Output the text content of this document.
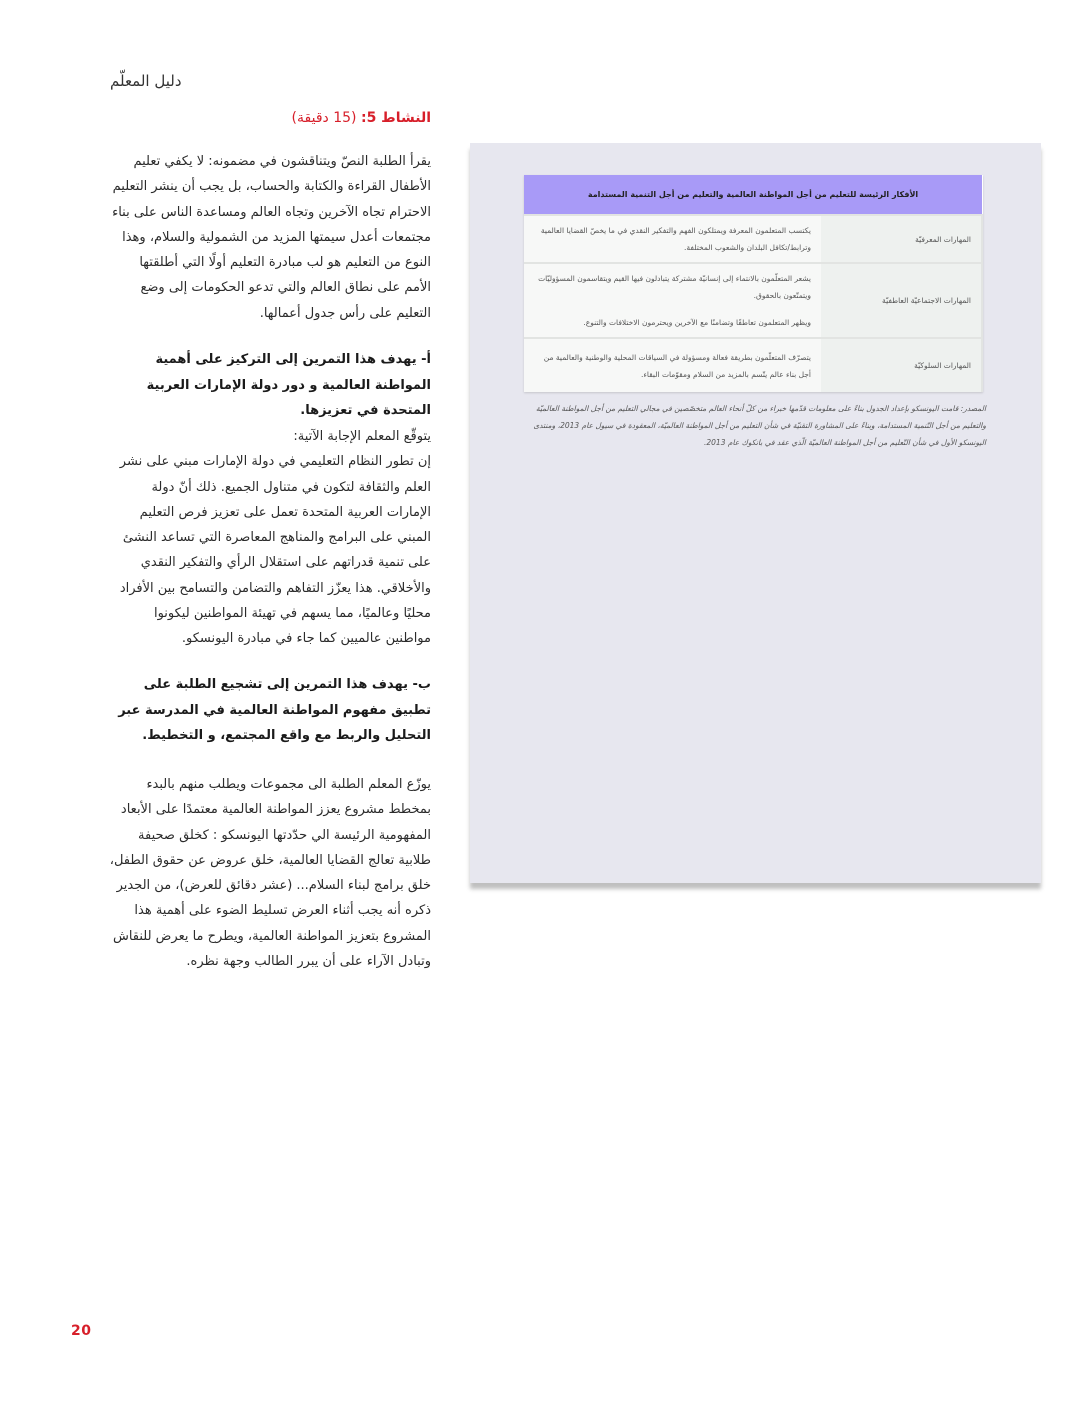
دليل المعلّم
النشاط 5: (15 دقيقة)

يقرأ الطلبة النصّ ويتناقشون في مضمونه: لا يكفي تعليم الأطفال القراءة والكتابة والحساب، بل يجب أن ينشر التعليم الاحترام تجاه الآخرين وتجاه العالم ومساعدة الناس على بناء مجتمعات أعدل سيمتها المزيد من الشمولية والسلام، وهذا النوع من التعليم هو لب مبادرة التعليم أولًا التي أطلقتها الأمم على نطاق العالم والتي تدعو الحكومات إلى وضع التعليم على رأس جدول أعمالها.

أ- يهدف هذا التمرين إلى التركيز على أهمية المواطنة العالمية و دور دولة الإمارات العربية المتحدة في تعزيزها.

يتوقّع المعلم الإجابة الآتية:

إن تطور النظام التعليمي في دولة الإمارات مبني على نشر العلم والثقافة لتكون في متناول الجميع. ذلك أنّ دولة الإمارات العربية المتحدة تعمل على تعزيز فرص التعليم المبني على البرامج والمناهج المعاصرة التي تساعد النشئ على تنمية قدراتهم على استقلال الرأي والتفكير النقدي والأخلاقي. هذا يعزّز التفاهم والتضامن والتسامح بين الأفراد محليًا وعالميًا، مما يسهم في تهيئة المواطنين ليكونوا مواطنين عالميين كما جاء في مبادرة اليونسكو.

ب- يهدف هذا التمرين إلى تشجيع الطلبة على تطبيق مفهوم المواطنة العالمية في المدرسة عبر التحليل والربط مع واقع المجتمع، و التخطيط.

يوزّع المعلم الطلبة الى مجموعات ويطلب منهم بالبدء بمخطط مشروع يعزز المواطنة العالمية معتمدًا على الأبعاد المفهومية الرئيسة الي حدّدتها اليونسكو : كخلق صحيفة طلابية تعالج القضايا العالمية، خلق عروض عن حقوق الطفل، خلق برامج لبناء السلام... (عشر دقائق للعرض)، من الجدير ذكره أنه يجب أثناء العرض تسليط الضوء على أهمية هذا المشروع بتعزيز المواطنة العالمية، ويطرح ما يعرض للنقاش وتبادل الآراء على أن يبرر الطالب وجهة نظره.

الأفكار الرئيسة للتعليم من أجل المواطنة العالمية والتعليم من أجل التنمية المستدامة	
المهارات المعرفيّة	يكتسب المتعلمون المعرفة ويمتلكون الفهم والتفكير النقدي في ما يخصّ القضايا العالمية وترابط/تكافل البلدان والشعوب المختلفة.
المهارات الاجتماعيّة العاطفيّة	يشعر المتعلّمون بالانتماء إلى إنسانيّة مشتركة يتبادلون فيها القيم ويتقاسمون المسؤوليّات ويتمتّعون بالحقوق.
ويظهر المتعلمون تعاطفًا وتضامنًا مع الآخرين ويحترمون الاختلافات والتنوع.
المهارات السلوكيّة	يتصرّف المتعلّمون بطريقة فعالة ومسؤولة في السياقات المحلية والوطنية والعالمية من أجل بناء عالم يتّسم بالمزيد من السلام ومقوّمات البقاء.
المصدر: قامت اليونسكو بإعداد الجدول بناءً على معلومات قدّمها خبراء من كلّ أنحاء العالم متخصّصين في مجالي التعليم من أجل المواطنة العالميّة والتعليم من أجل التّنمية المستدامة، وبناءً على المشاورة التقنيّة في شأن التعليم من أجل المواطنة العالميّة، المعقودة في سيول عام 2013، ومنتدى اليونسكو الأول في شأن التّعليم من أجل المواطنة العالميّة الّذي عقد في بانكوك عام 2013.
20
